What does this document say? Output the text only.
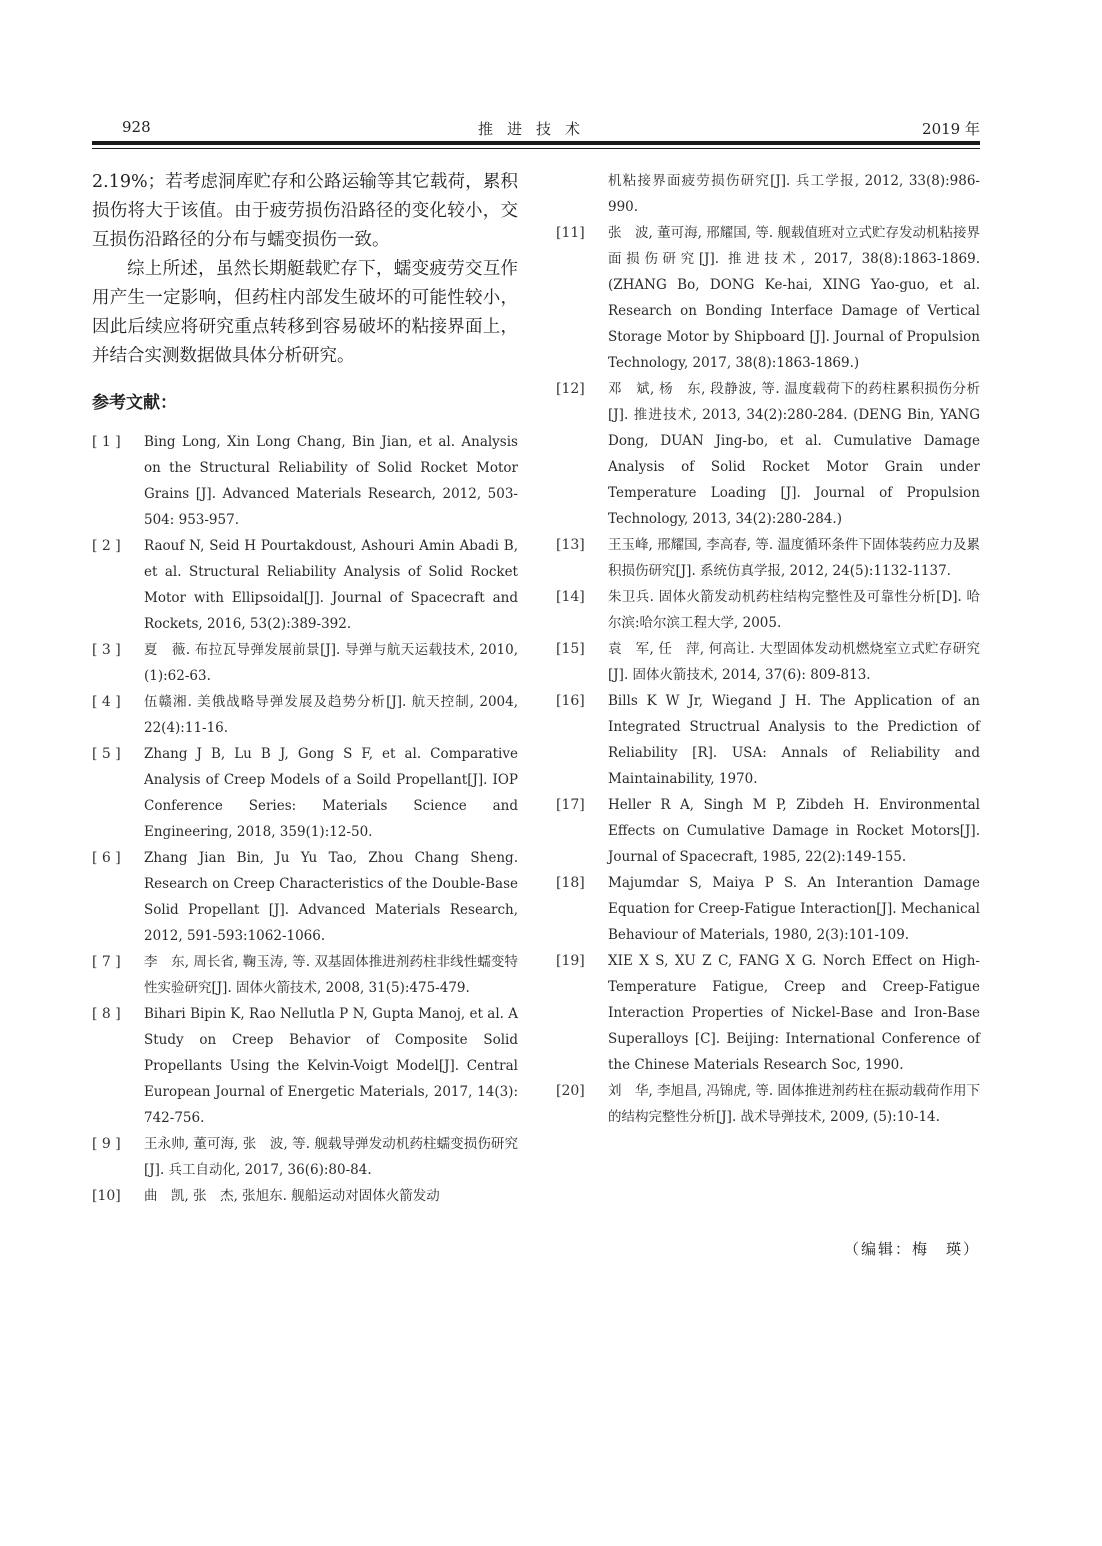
928	推进技术	2019 年

2.19%；若考虑洞库贮存和公路运输等其它载荷，累积损伤将大于该值。由于疲劳损伤沿路径的变化较小，交互损伤沿路径的分布与蠕变损伤一致。

综上所述，虽然长期艇载贮存下，蠕变疲劳交互作用产生一定影响，但药柱内部发生破坏的可能性较小，因此后续应将研究重点转移到容易破坏的粘接界面上，并结合实测数据做具体分析研究。

参考文献：
[ 1 ]	Bing Long, Xin Long Chang, Bin Jian, et al. Analysis on the Structural Reliability of Solid Rocket Motor Grains [J]. Advanced Materials Research, 2012, 503-504: 953-957.
[ 2 ]	Raouf N, Seid H Pourtakdoust, Ashouri Amin Abadi B, et al. Structural Reliability Analysis of Solid Rocket Motor with Ellipsoidal[J]. Journal of Spacecraft and Rockets, 2016, 53(2):389-392.
[ 3 ]	夏　薇. 布拉瓦导弹发展前景[J]. 导弹与航天运载技术, 2010, (1):62-63.
[ 4 ]	伍赣湘. 美俄战略导弹发展及趋势分析[J]. 航天控制, 2004, 22(4):11-16.
[ 5 ]	Zhang J B, Lu B J, Gong S F, et al. Comparative Analysis of Creep Models of a Soild Propellant[J]. IOP Conference Series: Materials Science and Engineering, 2018, 359(1):12-50.
[ 6 ]	Zhang Jian Bin, Ju Yu Tao, Zhou Chang Sheng. Research on Creep Characteristics of the Double-Base Solid Propellant [J]. Advanced Materials Research, 2012, 591-593:1062-1066.
[ 7 ]	李　东, 周长省, 鞠玉涛, 等. 双基固体推进剂药柱非线性蠕变特性实验研究[J]. 固体火箭技术, 2008, 31(5):475-479.
[ 8 ]	Bihari Bipin K, Rao Nellutla P N, Gupta Manoj, et al. A Study on Creep Behavior of Composite Solid Propellants Using the Kelvin-Voigt Model[J]. Central European Journal of Energetic Materials, 2017, 14(3): 742-756.
[ 9 ]	王永帅, 董可海, 张　波, 等. 舰载导弹发动机药柱蠕变损伤研究[J]. 兵工自动化, 2017, 36(6):80-84.
[10]	曲　凯, 张　杰, 张旭东. 舰船运动对固体火箭发动
机粘接界面疲劳损伤研究[J]. 兵工学报, 2012, 33(8):986-990.
[11]	张　波, 董可海, 邢耀国, 等. 舰载值班对立式贮存发动机粘接界面损伤研究[J]. 推进技术, 2017, 38(8):1863-1869. (ZHANG Bo, DONG Ke-hai, XING Yao-guo, et al. Research on Bonding Interface Damage of Vertical Storage Motor by Shipboard [J]. Journal of Propulsion Technology, 2017, 38(8):1863-1869.)
[12]	邓　斌, 杨　东, 段静波, 等. 温度载荷下的药柱累积损伤分析[J]. 推进技术, 2013, 34(2):280-284. (DENG Bin, YANG Dong, DUAN Jing-bo, et al. Cumulative Damage Analysis of Solid Rocket Motor Grain under Temperature Loading [J]. Journal of Propulsion Technology, 2013, 34(2):280-284.)
[13]	王玉峰, 邢耀国, 李高春, 等. 温度循环条件下固体装药应力及累积损伤研究[J]. 系统仿真学报, 2012, 24(5):1132-1137.
[14]	朱卫兵. 固体火箭发动机药柱结构完整性及可靠性分析[D]. 哈尔滨:哈尔滨工程大学, 2005.
[15]	袁　军, 任　萍, 何高让. 大型固体发动机燃烧室立式贮存研究[J]. 固体火箭技术, 2014, 37(6): 809-813.
[16]	Bills K W Jr, Wiegand J H. The Application of an Integrated Structrual Analysis to the Prediction of Reliability [R]. USA: Annals of Reliability and Maintainability, 1970.
[17]	Heller R A, Singh M P, Zibdeh H. Environmental Effects on Cumulative Damage in Rocket Motors[J]. Journal of Spacecraft, 1985, 22(2):149-155.
[18]	Majumdar S, Maiya P S. An Interantion Damage Equation for Creep-Fatigue Interaction[J]. Mechanical Behaviour of Materials, 1980, 2(3):101-109.
[19]	XIE X S, XU Z C, FANG X G. Norch Effect on High-Temperature Fatigue, Creep and Creep-Fatigue Interaction Properties of Nickel-Base and Iron-Base Superalloys [C]. Beijing: International Conference of the Chinese Materials Research Soc, 1990.
[20]	刘　华, 李旭昌, 冯锦虎, 等. 固体推进剂药柱在振动载荷作用下的结构完整性分析[J]. 战术导弹技术, 2009, (5):10-14.
（编辑：梅　瑛）
